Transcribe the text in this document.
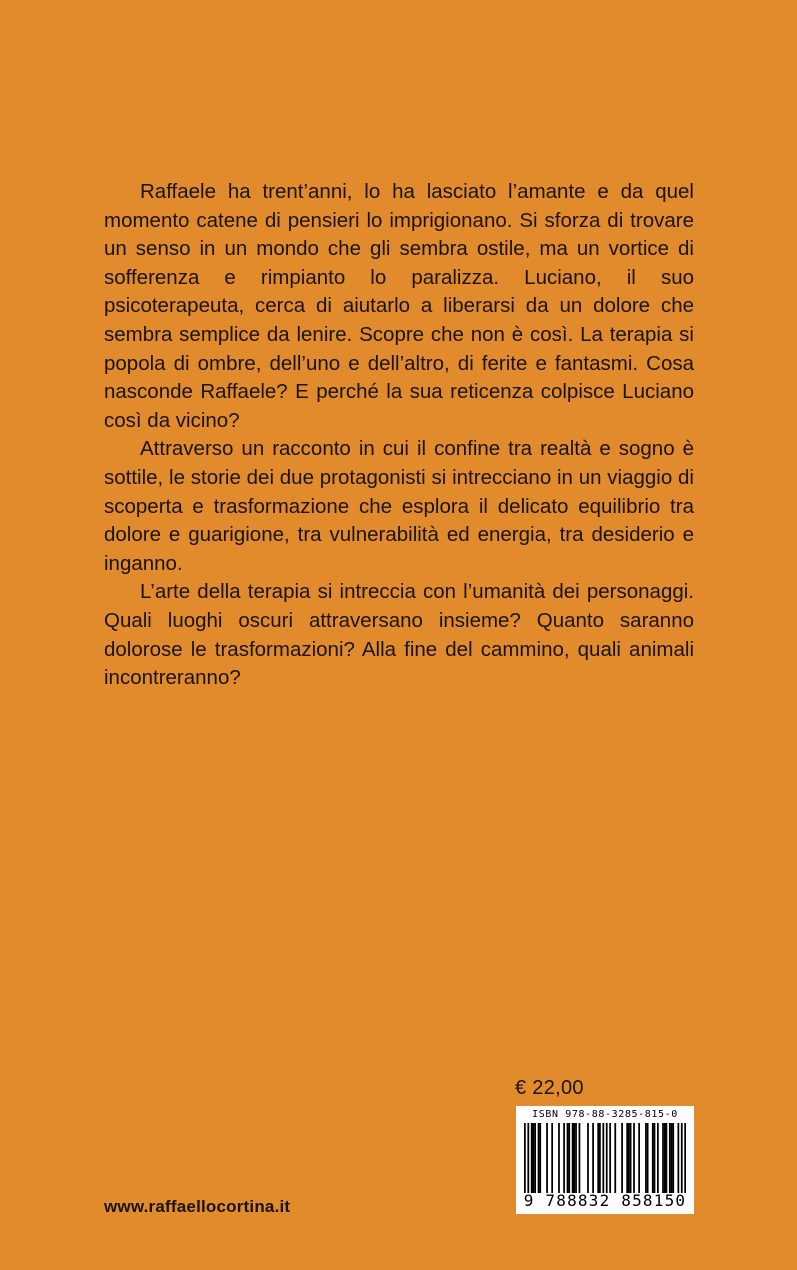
Raffaele ha trent’anni, lo ha lasciato l’amante e da quel momento catene di pensieri lo imprigionano. Si sforza di trovare un senso in un mondo che gli sembra ostile, ma un vortice di sofferenza e rimpianto lo paralizza. Luciano, il suo psicoterapeuta, cerca di aiutarlo a liberarsi da un dolore che sembra semplice da lenire. Scopre che non è così. La terapia si popola di ombre, dell’uno e dell’altro, di ferite e fantasmi. Cosa nasconde Raffaele? E perché la sua reticenza colpisce Luciano così da vicino?

Attraverso un racconto in cui il confine tra realtà e sogno è sottile, le storie dei due protagonisti si intrecciano in un viaggio di scoperta e trasformazione che esplora il delicato equilibrio tra dolore e guarigione, tra vulnerabilità ed energia, tra desiderio e inganno.

L’arte della terapia si intreccia con l’umanità dei personaggi. Quali luoghi oscuri attraversano insieme? Quanto saranno dolorose le trasformazioni? Alla fine del cammino, quali animali incontreranno?

€ 22,00
ISBN 978-88-3285-815-0
9 788832 858150
www.raffaellocortina.it
